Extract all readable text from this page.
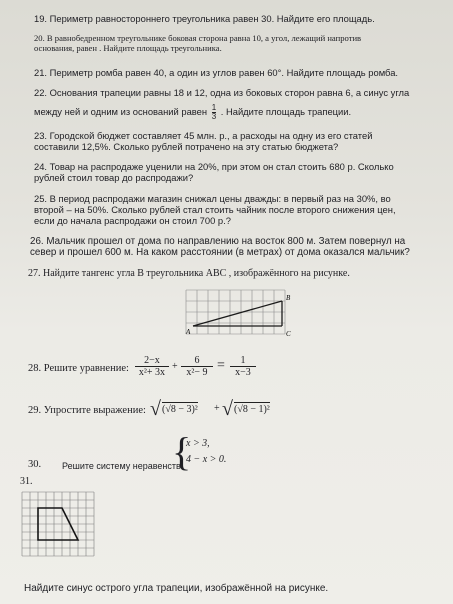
19. Периметр равностороннего треугольника равен 30. Найдите его площадь.
20. В равнобедренном треугольнике боковая сторона равна 10, а угол, лежащий напротив
основания, равен . Найдите площадь треугольника.
21. Периметр ромба равен 40, а один из углов равен 60°. Найдите площадь ромба.
22. Основания трапеции равны 18 и 12, одна из боковых сторон равна 6, а синус угла
между ней и одним из оснований равен $\frac{1}{3}$ . Найдите площадь трапеции.
23. Городской бюджет составляет 45 млн. р., а расходы на одну из его статей
составили 12,5%. Сколько рублей потрачено на эту статью бюджета?
24. Товар на распродаже уценили на 20%, при этом он стал стоить 680 р. Сколько
рублей стоил товар до распродажи?
25. В период распродажи магазин снижал цены дважды: в первый раз на 30%, во
второй – на 50%. Сколько рублей стал стоить чайник после второго снижения цен,
если до начала распродажи он стоил 700 р.?
26. Мальчик прошел от дома по направлению на восток 800 м. Затем повернул на
север и прошел 600 м. На каком расстоянии (в метрах) от дома оказался мальчик?
27. Найдите тангенс угла B треугольника ABC , изображённого на рисунке.
A
B
C
28. Решите уравнение: $\frac{2-x}{\text{x²+ 3x}} + \frac{6}{\text{x²− 9}} = \frac{1}{x-3}$
29. Упростите выражение: √ (√8 − 3)² + √ (√8 − 1)²
30.	Решите систему неравенств
{
x > 3,
4 − x > 0.
31.
Найдите синус острого угла трапеции, изображённой на рисунке.
